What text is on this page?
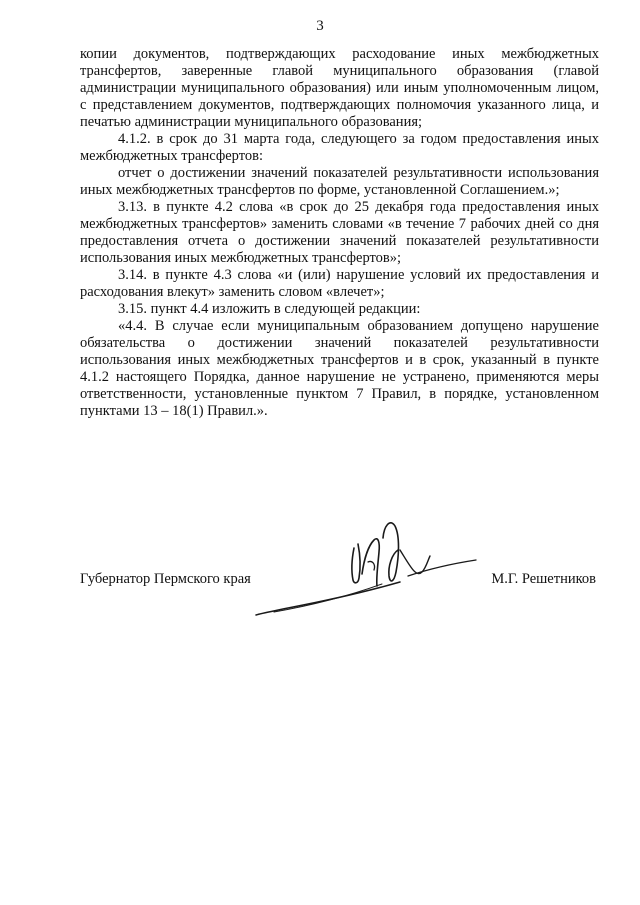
3

копии документов, подтверждающих расходование иных межбюджетных трансфертов, заверенные главой муниципального образования (главой администрации муниципального образования) или иным уполномоченным лицом, с представлением документов, подтверждающих полномочия указанного лица, и печатью администрации муниципального образования;

4.1.2. в срок до 31 марта года, следующего за годом предоставления иных межбюджетных трансфертов:

отчет о достижении значений показателей результативности использования иных межбюджетных трансфертов по форме, установленной Соглашением.»;

3.13. в пункте 4.2 слова «в срок до 25 декабря года предоставления иных межбюджетных трансфертов» заменить словами «в течение 7 рабочих дней со дня предоставления отчета о достижении значений показателей результативности использования иных межбюджетных трансфертов»;

3.14. в пункте 4.3 слова «и (или) нарушение условий их предоставления и расходования влекут» заменить словом «влечет»;

3.15. пункт 4.4 изложить в следующей редакции:

«4.4. В случае если муниципальным образованием допущено нарушение обязательства о достижении значений показателей результативности использования иных межбюджетных трансфертов и в срок, указанный в пункте 4.1.2 настоящего Порядка, данное нарушение не устранено, применяются меры ответственности, установленные пунктом 7 Правил, в порядке, установленном пунктами 13 – 18(1) Правил.».

Губернатор Пермского края	М.Г. Решетников
